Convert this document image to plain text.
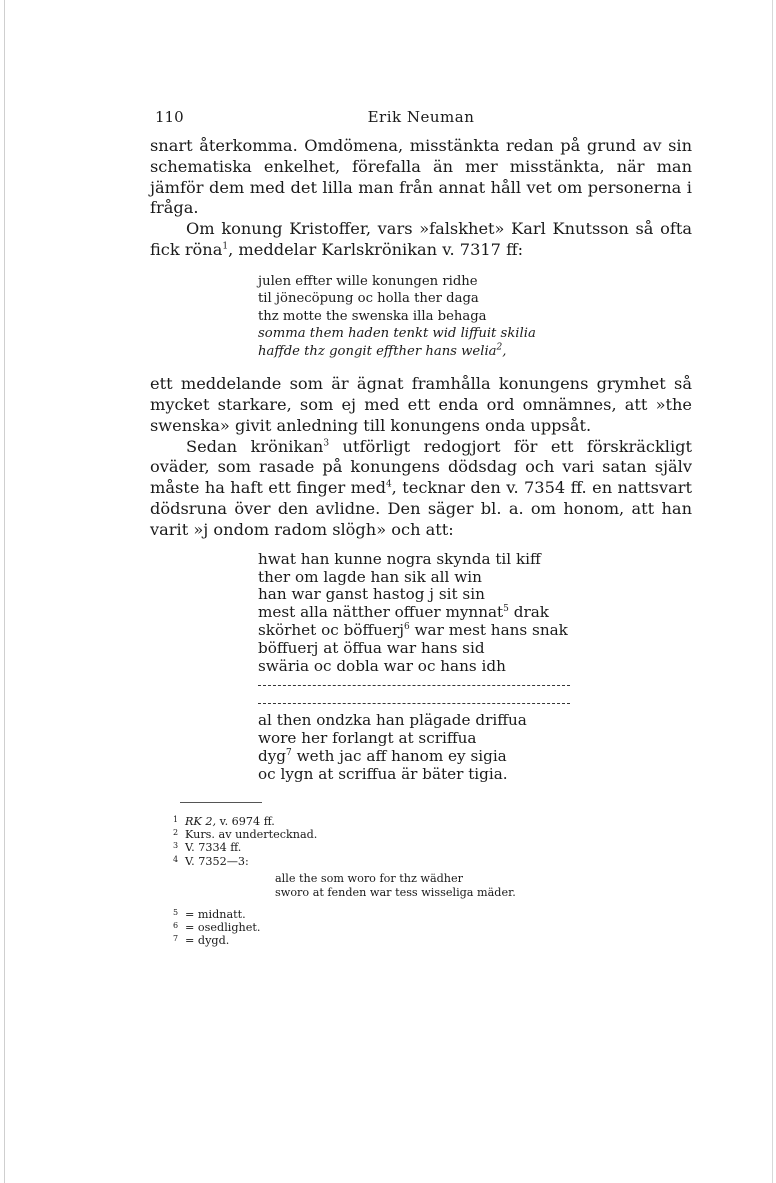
110	Erik Neuman

snart återkomma. Omdömena, misstänkta redan på grund av sin schematiska enkelhet, förefalla än mer misstänkta, när man jämför dem med det lilla man från annat håll vet om personerna i fråga.

Om konung Kristoffer, vars »falskhet» Karl Knutsson så ofta fick röna$^1$, meddelar Karlskrönikan v. 7317 ff:

julen effter wille konungen ridhe
til jönecöpung oc holla ther daga
thz motte the swenska illa behaga
somma them haden tenkt wid liffuit skilia
haffde thz gongit effther hans welia$^2$,

ett meddelande som är ägnat framhålla konungens grymhet så mycket starkare, som ej med ett enda ord omnämnes, att »the swenska» givit anledning till konungens onda uppsåt.

Sedan krönikan$^3$ utförligt redogjort för ett förskräckligt oväder, som rasade på konungens dödsdag och vari satan själv måste ha haft ett finger med$^4$, tecknar den v. 7354 ff. en nattsvart dödsruna över den avlidne. Den säger bl. a. om honom, att han varit »j ondom radom slögh» och att:

hwat han kunne nogra skynda til kiff
ther om lagde han sik all win
han war ganst hastog j sit sin
mest alla nätther offuer mynnat$^5$ drak
skörhet oc böffuerj$^6$ war mest hans snak
böffuerj at öffua war hans sid
swäria oc dobla war oc hans idh
al then ondzka han plägade driffua
wore her forlangt at scriffua
dyg$^7$ weth jac aff hanom ey sigia
oc lygn at scriffua är bäter tigia.
1 RK 2, v. 6974 ff.
2 Kurs. av undertecknad.
3 V. 7334 ff.
4 V. 7352—3:
alle the som woro for thz wädher
sworo at fenden war tess wisseliga mäder.
5 = midnatt.
6 = osedlighet.
7 = dygd.
